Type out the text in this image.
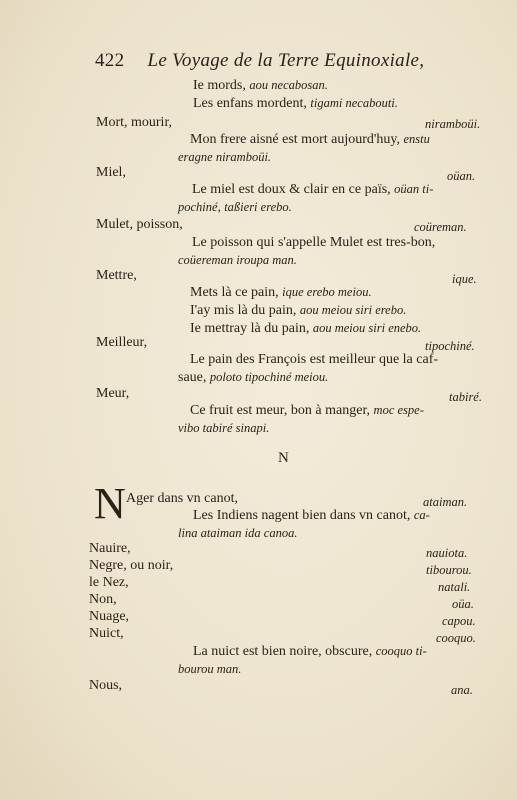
422 Le Voyage de la Terre Equinoxiale,
Ie mords, aou necabosan.
Les enfans mordent, tigami necabouti.
Mort, mourir,	niramboüi.
Mon frere aisné est mort aujourd'huy, enstu
eragne niramboüi.
Miel,	oüan.
Le miel est doux & clair en ce païs, oüan ti-
pochiné, taßieri erebo.
Mulet, poisson,	coüreman.
Le poisson qui s'appelle Mulet est tres-bon,
coüereman iroupa man.
Mettre,	ique.
Mets là ce pain, ique erebo meiou.
I'ay mis là du pain, aou meiou siri erebo.
Ie mettray là du pain, aou meiou siri enebo.
Meilleur,	tipochiné.
Le pain des François est meilleur que la caf-
saue, poloto tipochiné meiou.
Meur,	tabiré.
Ce fruit est meur, bon à manger, moc espe-
vibo tabiré sinapi.
N
N Ager dans vn canot,	ataiman.
Les Indiens nagent bien dans vn canot, ca-
lina ataiman ida canoa.
Nauire,	nauiota.
Negre, ou noir,	tibourou.
le Nez,	natali.
Non,	oüa.
Nuage,	capou.
Nuict,	cooquo.
La nuict est bien noire, obscure, cooquo ti-
bourou man.
Nous,	ana.
